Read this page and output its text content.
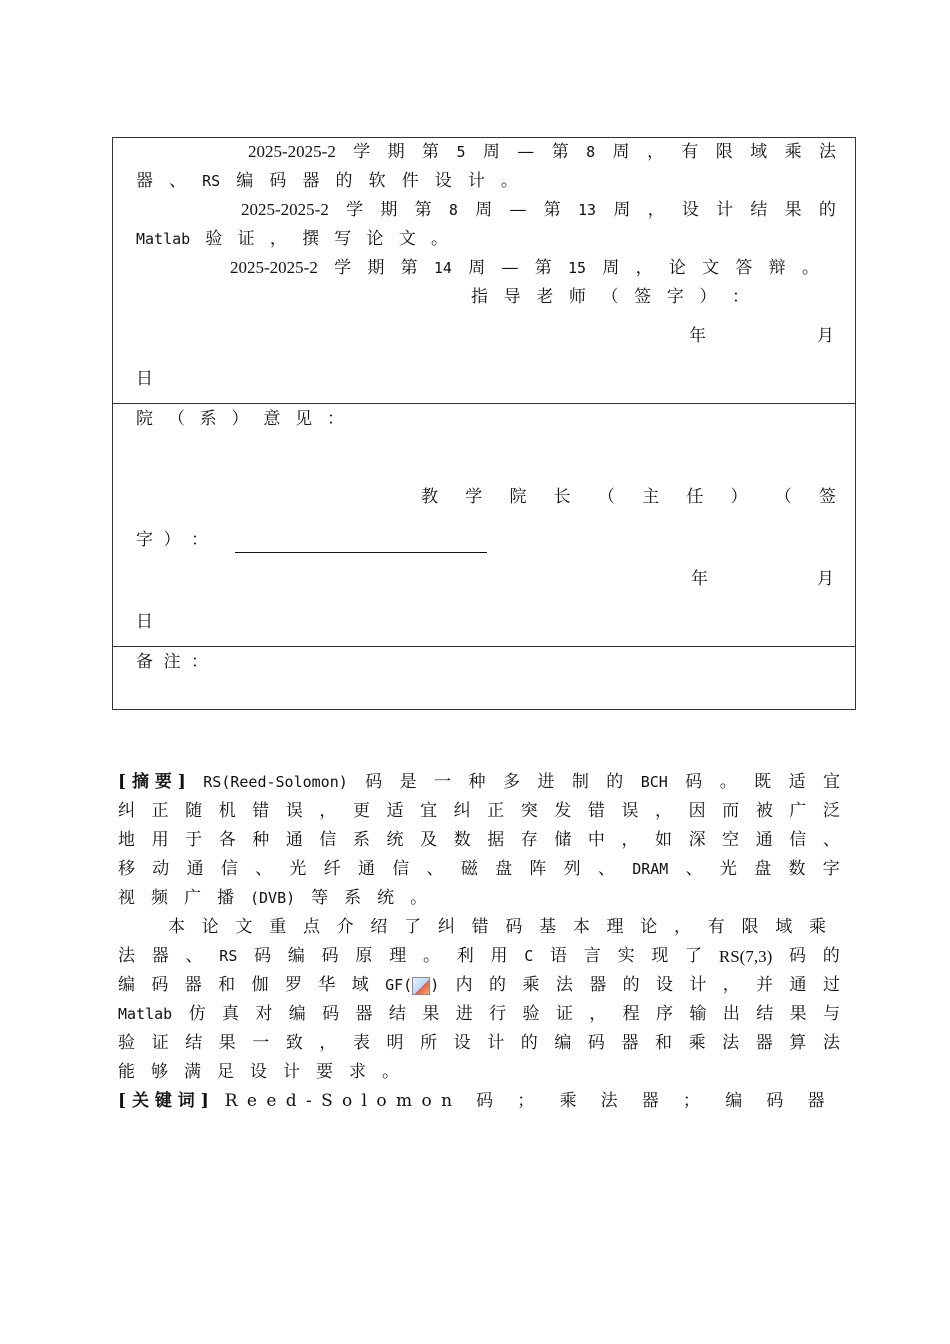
2025-2025-2 学 期 第 5 周 — 第 8 周 ， 有 限 域 乘 法
器 、 RS 编 码 器 的 软 件 设 计 。
2025-2025-2 学 期 第 8 周 — 第 13 周 ， 设 计 结 果 的
Matlab 验 证 ， 撰 写 论 文 。
2025-2025-2 学 期 第 14 周 — 第 15 周 ， 论 文 答 辩 。
指 导 老 师 （ 签 字 ） ：
年	月
日
院 （ 系 ） 意 见 ：
教 学 院 长 （ 主 任 ） （ 签
字 ） ：
年	月
日
备 注 ：
[ 摘 要 ] RS(Reed-Solomon) 码 是 一 种 多 进 制 的 BCH 码 。 既 适 宜
纠 正 随 机 错 误 ， 更 适 宜 纠 正 突 发 错 误 ， 因 而 被 广 泛
地 用 于 各 种 通 信 系 统 及 数 据 存 储 中 ， 如 深 空 通 信 、
移 动 通 信 、 光 纤 通 信 、 磁 盘 阵 列 、 DRAM 、 光 盘 数 字
视 频 广 播 (DVB) 等 系 统 。
本 论 文 重 点 介 绍 了 纠 错 码 基 本 理 论 ， 有 限 域 乘
法 器 、 RS 码 编 码 原 理 。 利 用 C 语 言 实 现 了 RS(7,3) 码 的
编 码 器 和 伽 罗 华 域 GF( ) 内 的 乘 法 器 的 设 计 ， 并 通 过
Matlab 仿 真 对 编 码 器 结 果 进 行 验 证 ， 程 序 输 出 结 果 与
验 证 结 果 一 致 ， 表 明 所 设 计 的 编 码 器 和 乘 法 器 算 法
能 够 满 足 设 计 要 求 。
[ 关 键 词 ] Reed-Solomon 码 ； 乘 法 器 ； 编 码 器
